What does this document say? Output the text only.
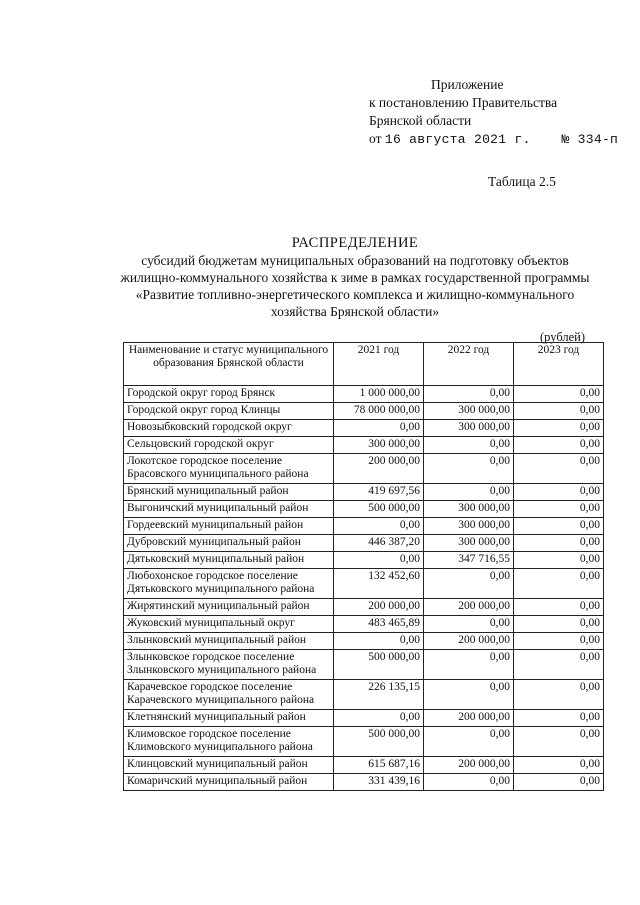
Приложение
к постановлению Правительства
Брянской области
от 16 августа 2021 г. № 334-п
Таблица 2.5
РАСПРЕДЕЛЕНИЕ
субсидий бюджетам муниципальных образований на подготовку объектов жилищно-коммунального хозяйства к зиме в рамках государственной программы «Развитие топливно-энергетического комплекса и жилищно-коммунального хозяйства Брянской области»
(рублей)
Наименование и статус муниципального образования Брянской области	2021 год	2022 год	2023 год

Городской округ город Брянск	1 000 000,00	0,00	0,00

Городской округ город Клинцы	78 000 000,00	300 000,00	0,00

Новозыбковский городской округ	0,00	300 000,00	0,00

Сельцовский городской округ	300 000,00	0,00	0,00

Локотское городское поселение
Брасовского муниципального района	200 000,00	0,00	0,00

Брянский муниципальный район	419 697,56	0,00	0,00

Выгоничский муниципальный район	500 000,00	300 000,00	0,00

Гордеевский муниципальный район	0,00	300 000,00	0,00

Дубровский муниципальный район	446 387,20	300 000,00	0,00

Дятьковский муниципальный район	0,00	347 716,55	0,00

Любохонское городское поселение
Дятьковского муниципального района	132 452,60	0,00	0,00

Жирятинский муниципальный район	200 000,00	200 000,00	0,00

Жуковский муниципальный округ	483 465,89	0,00	0,00

Злынковский муниципальный район	0,00	200 000,00	0,00

Злынковское городское поселение
Злынковского муниципального района	500 000,00	0,00	0,00

Карачевское городское поселение
Карачевского муниципального района	226 135,15	0,00	0,00

Клетнянский муниципальный район	0,00	200 000,00	0,00

Климовское городское поселение
Климовского муниципального района	500 000,00	0,00	0,00

Клинцовский муниципальный район	615 687,16	200 000,00	0,00

Комаричский муниципальный район	331 439,16	0,00	0,00
